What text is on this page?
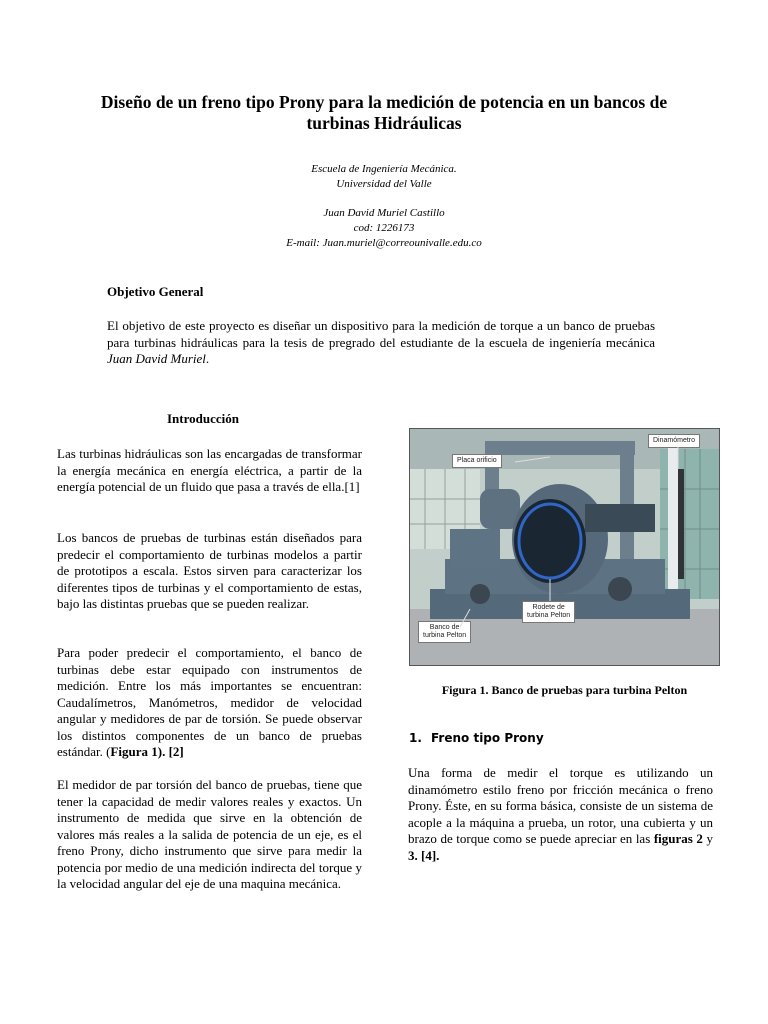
Diseño de un freno tipo Prony para la medición de potencia en un bancos de turbinas Hidráulicas
Escuela de Ingeniería Mecánica.
Universidad del Valle
Juan David Muriel Castillo
cod: 1226173
E-mail: Juan.muriel@correounivalle.edu.co
Objetivo General
El objetivo de este proyecto es diseñar un dispositivo para la medición de torque a un banco de pruebas para turbinas hidráulicas para la tesis de pregrado del estudiante de la escuela de ingeniería mecánica Juan David Muriel.
Introducción

Las turbinas hidráulicas son las encargadas de transformar la energía mecánica en energía eléctrica, a partir de la energía potencial de un fluido que pasa a través de ella.[1]

Los bancos de pruebas de turbinas están diseñados para predecir el comportamiento de turbinas modelos a partir de prototipos a escala. Estos sirven para caracterizar los diferentes tipos de turbinas y el comportamiento de estas, bajo las distintas pruebas que se pueden realizar.

Para poder predecir el comportamiento, el banco de turbinas debe estar equipado con instrumentos de medición. Entre los más importantes se encuentran: Caudalímetros, Manómetros, medidor de velocidad angular y medidores de par de torsión. Se puede observar los distintos componentes de un banco de pruebas estándar. (Figura 1). [2]

El medidor de par torsión del banco de pruebas, tiene que tener la capacidad de medir valores reales y exactos. Un instrumento de medida que sirve en la obtención de valores más reales a la salida de potencia de un eje, es el freno Prony, dicho instrumento que sirve para medir la potencia por medio de una medición indirecta del torque y la velocidad angular del eje de una maquina mecánica.

Dinamómetro
Placa orificio
Rodete de
turbina Pelton
Banco de
turbina Pelton
Figura 1. Banco de pruebas para turbina Pelton
1. Freno tipo Prony
Una forma de medir el torque es utilizando un dinamómetro estilo freno por fricción mecánica o freno Prony. Éste, en su forma básica, consiste de un sistema de acople a la máquina a prueba, un rotor, una cubierta y un brazo de torque como se puede apreciar en las figuras 2 y 3. [4].
